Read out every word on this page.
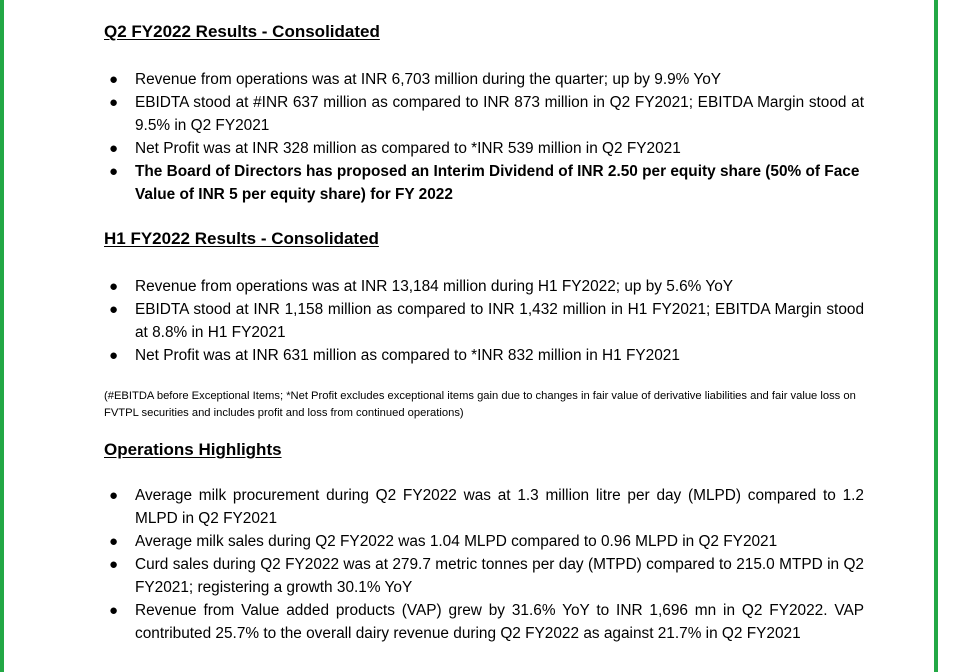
Q2 FY2022 Results - Consolidated
● Revenue from operations was at INR 6,703 million during the quarter; up by 9.9% YoY
● EBIDTA stood at #INR 637 million as compared to INR 873 million in Q2 FY2021; EBITDA Margin stood at 9.5% in Q2 FY2021
● Net Profit was at INR 328 million as compared to *INR 539 million in Q2 FY2021
● The Board of Directors has proposed an Interim Dividend of INR 2.50 per equity share (50% of Face Value of INR 5 per equity share) for FY 2022
H1 FY2022 Results - Consolidated
● Revenue from operations was at INR 13,184 million during H1 FY2022; up by 5.6% YoY
● EBIDTA stood at INR 1,158 million as compared to INR 1,432 million in H1 FY2021; EBITDA Margin stood at 8.8% in H1 FY2021
● Net Profit was at INR 631 million as compared to *INR 832 million in H1 FY2021
(#EBITDA before Exceptional Items; *Net Profit excludes exceptional items gain due to changes in fair value of derivative liabilities and fair value loss on FVTPL securities and includes profit and loss from continued operations)
Operations Highlights
● Average milk procurement during Q2 FY2022 was at 1.3 million litre per day (MLPD) compared to 1.2 MLPD in Q2 FY2021
● Average milk sales during Q2 FY2022 was 1.04 MLPD compared to 0.96 MLPD in Q2 FY2021
● Curd sales during Q2 FY2022 was at 279.7 metric tonnes per day (MTPD) compared to 215.0 MTPD in Q2 FY2021; registering a growth 30.1% YoY
● Revenue from Value added products (VAP) grew by 31.6% YoY to INR 1,696 mn in Q2 FY2022. VAP contributed 25.7% to the overall dairy revenue during Q2 FY2022 as against 21.7% in Q2 FY2021
